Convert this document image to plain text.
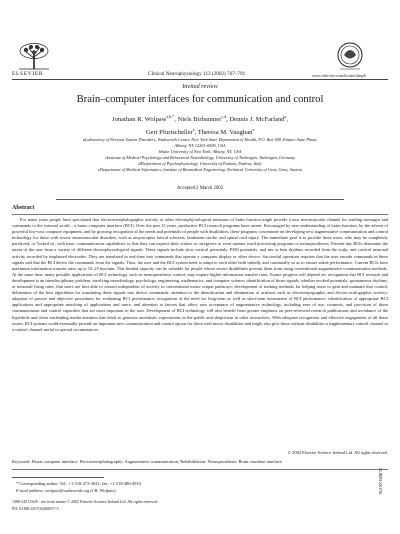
ELSEVIER	Clinical Neurophysiology 113 (2002) 767–791	www.elsevier.com/locate/clinph
Invited review
Brain–computer interfaces for communication and control
Jonathan R. Wolpaw$^{a,b,*}$, Niels Birbaumer$^{c,d}$, Dennis J. McFarland$^a$,
Gert Pfurtscheller$^e$, Theresa M. Vaughan$^a$
aLaboratory of Nervous System Disorders, Wadsworth Center, New York State Department of Health, P.O. Box 509, Empire State Plaza,
Albany, NY 12201-0509, USA
bState University of New York, Albany, NY, USA
cInstitute of Medical Psychology and Behavioral Neurobiology, University of Tuebingen, Tuebingen, Germany
dDepartment of Psychophysiology, University of Padova, Padova, Italy
eDepartment of Medical Informatics, Institute of Biomedical Engineering, Technical University of Graz, Graz, Austria
Accepted 2 March 2002
Abstract
For many years people have speculated that electroencephalographic activity or other electrophysiological measures of brain function might provide a new non-muscular channel for sending messages and commands to the external world – a brain–computer interface (BCI). Over the past 15 years, productive BCI research programs have arisen. Encouraged by new understanding of brain function, by the advent of powerful low-cost computer equipment, and by growing recognition of the needs and potentials of people with disabilities, these programs concentrate on developing new augmentative communication and control technology for those with severe neuromuscular disorders, such as amyotrophic lateral sclerosis, brainstem stroke, and spinal cord injury. The immediate goal is to provide these users, who may be completely paralyzed, or 'locked in', with basic communication capabilities so that they can express their wishes to caregivers or even operate word processing programs or neuroprostheses. Present-day BCIs determine the intent of the user from a variety of different electrophysiological signals. These signals include slow cortical potentials, P300 potentials, and mu or beta rhythms recorded from the scalp, and cortical neuronal activity recorded by implanted electrodes. They are translated in real-time into commands that operate a computer display or other device. Successful operation requires that the user encode commands in these signals and that the BCI derive the commands from the signals. Thus, the user and the BCI system need to adapt to each other both initially and continually so as to ensure stable performance. Current BCIs have maximum information transfer rates up to 10–25 bits/min. This limited capacity can be valuable for people whose severe disabilities prevent them from using conventional augmentative communication methods. At the same time, many possible applications of BCI technology, such as neuroprosthesis control, may require higher information transfer rates. Future progress will depend on: recognition that BCI research and development is an interdisciplinary problem, involving neurobiology, psychology, engineering, mathematics, and computer science; identification of those signals, whether evoked potentials, spontaneous rhythms, or neuronal firing rates, that users are best able to control independent of activity in conventional motor output pathways; development of training methods for helping users to gain and maintain that control; delineation of the best algorithms for translating these signals into device commands; attention to the identification and elimination of artifacts such as electromyographic and electro-oculographic activity; adoption of precise and objective procedures for evaluating BCI performance; recognition of the need for long-term as well as short-term assessment of BCI performance; identification of appropriate BCI applications and appropriate matching of applications and users; and attention to factors that affect user acceptance of augmentative technology, including ease of use, cosmesis, and provision of those communication and control capacities that are most important to the user. Development of BCI technology will also benefit from greater emphasis on peer-reviewed research publications and avoidance of the hyperbole and often misleading media attention that tends to generate unrealistic expectations in the public and skepticism in other researchers. With adequate recognition and effective engagement of all these issues, BCI systems could eventually provide an important new communication and control option for those with motor disabilities and might also give those without disabilities a supplementary control channel or a control channel useful in special circumstances.
© 2002 Elsevier Science Ireland Ltd. All rights reserved.
Keywords: Brain–computer interface; Electroencephalography; Augmentative communication; Rehabilitation; Neuroprosthesis; Brain–machine interface
* Corresponding author. Tel.: +1-518-473-3631; fax: +1-518-486-4910.
E-mail address: wolpaw@wadsworth.org (J.R. Wolpaw).
1388-2457/02/$ - see front matter © 2002 Elsevier Science Ireland Ltd. All rights reserved.
PII: S1388-2457(02)00057-3
CLINPH 2001784
